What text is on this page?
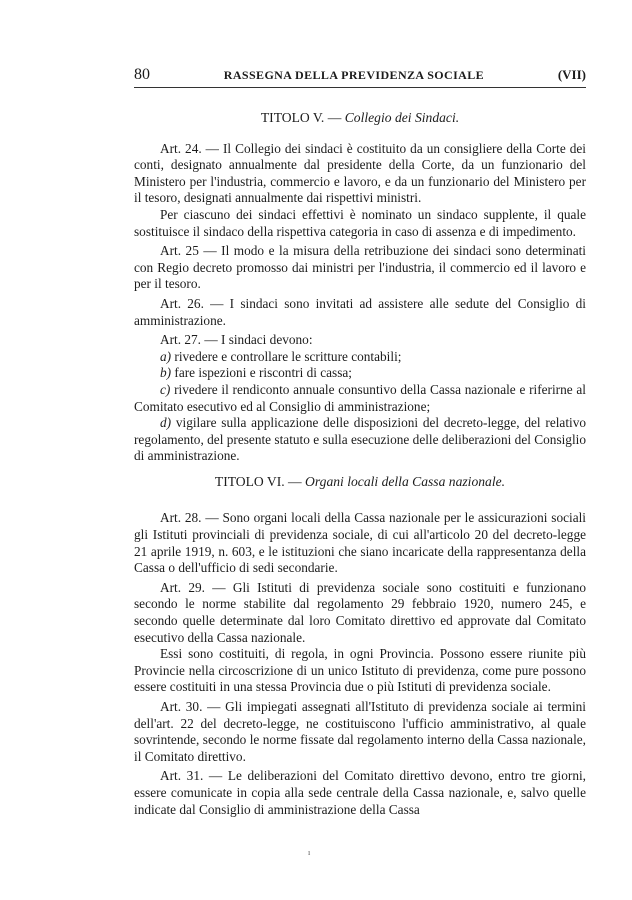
80	RASSEGNA DELLA PREVIDENZA SOCIALE	(VII)

TITOLO V. — Collegio dei Sindaci.

Art. 24. — Il Collegio dei sindaci è costituito da un consigliere della Corte dei conti, designato annualmente dal presidente della Corte, da un funzionario del Ministero per l'industria, commercio e lavoro, e da un funzionario del Ministero per il tesoro, designati annualmente dai rispettivi ministri.

Per ciascuno dei sindaci effettivi è nominato un sindaco supplente, il quale sostituisce il sindaco della rispettiva categoria in caso di assenza e di impedimento.

Art. 25 — Il modo e la misura della retribuzione dei sindaci sono determinati con Regio decreto promosso dai ministri per l'industria, il commercio ed il lavoro e per il tesoro.

Art. 26. — I sindaci sono invitati ad assistere alle sedute del Consiglio di amministrazione.

Art. 27. — I sindaci devono:

a) rivedere e controllare le scritture contabili;

b) fare ispezioni e riscontri di cassa;

c) rivedere il rendiconto annuale consuntivo della Cassa nazionale e riferirne al Comitato esecutivo ed al Consiglio di amministrazione;

d) vigilare sulla applicazione delle disposizioni del decreto-legge, del relativo regolamento, del presente statuto e sulla esecuzione delle deliberazioni del Consiglio di amministrazione.

TITOLO VI. — Organi locali della Cassa nazionale.

Art. 28. — Sono organi locali della Cassa nazionale per le assicurazioni sociali gli Istituti provinciali di previdenza sociale, di cui all'articolo 20 del decreto-legge 21 aprile 1919, n. 603, e le istituzioni che siano incaricate della rappresentanza della Cassa o dell'ufficio di sedi secondarie.

Art. 29. — Gli Istituti di previdenza sociale sono costituiti e funzionano secondo le norme stabilite dal regolamento 29 febbraio 1920, numero 245, e secondo quelle determinate dal loro Comitato direttivo ed approvate dal Comitato esecutivo della Cassa nazionale.

Essi sono costituiti, di regola, in ogni Provincia. Possono essere riunite più Provincie nella circoscrizione di un unico Istituto di previdenza, come pure possono essere costituiti in una stessa Provincia due o più Istituti di previdenza sociale.

Art. 30. — Gli impiegati assegnati all'Istituto di previdenza sociale ai termini dell'art. 22 del decreto-legge, ne costituiscono l'ufficio amministrativo, al quale sovrintende, secondo le norme fissate dal regolamento interno della Cassa nazionale, il Comitato direttivo.

Art. 31. — Le deliberazioni del Comitato direttivo devono, entro tre giorni, essere comunicate in copia alla sede centrale della Cassa nazionale, e, salvo quelle indicate dal Consiglio di amministrazione della Cassa

ı
